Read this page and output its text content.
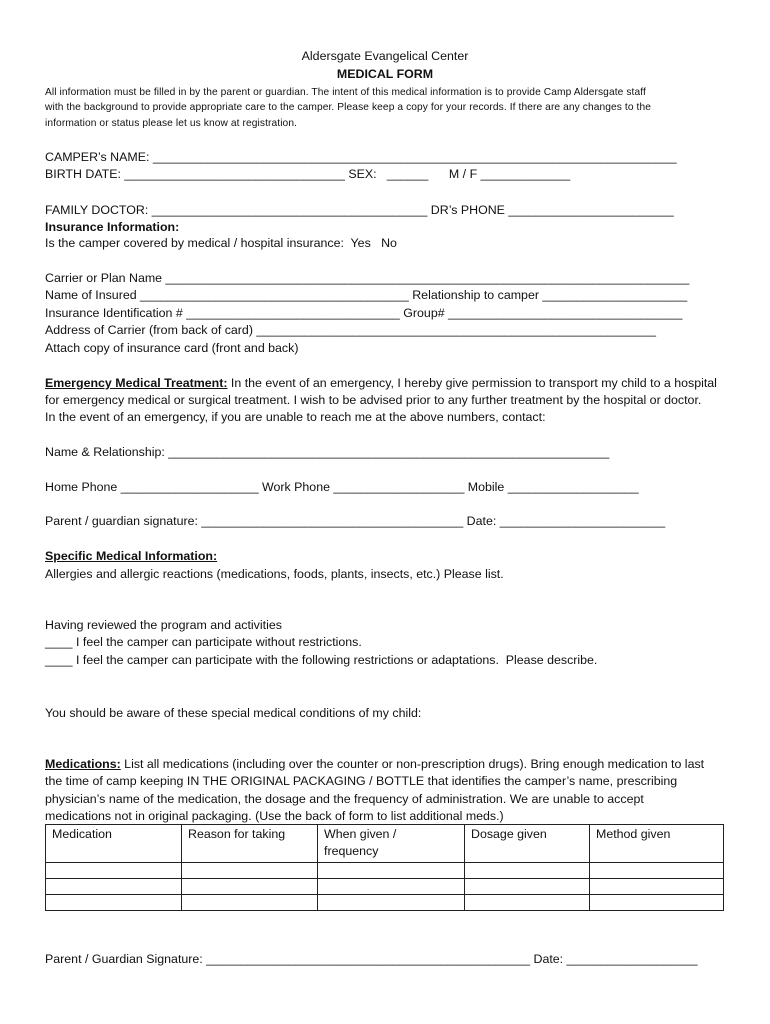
Aldersgate Evangelical Center
MEDICAL FORM
All information must be filled in by the parent or guardian. The intent of this medical information is to provide Camp Aldersgate staff
with the background to provide appropriate care to the camper. Please keep a copy for your records. If there are any changes to the
information or status please let us know at registration.
CAMPER’s NAME: ____________________________________________________________________________
BIRTH DATE: ________________________________ SEX:   ______      M / F _____________
FAMILY DOCTOR: ________________________________________ DR’s PHONE ________________________
Insurance Information:
Is the camper covered by medical / hospital insurance:  Yes   No
Carrier or Plan Name ____________________________________________________________________________
Name of Insured _______________________________________ Relationship to camper _____________________
Insurance Identification # _______________________________ Group# __________________________________
Address of Carrier (from back of card) __________________________________________________________
Attach copy of insurance card (front and back)
Emergency Medical Treatment: In the event of an emergency, I hereby give permission to transport my child to a hospital
for emergency medical or surgical treatment. I wish to be advised prior to any further treatment by the hospital or doctor.
In the event of an emergency, if you are unable to reach me at the above numbers, contact:
Name & Relationship: ________________________________________________________________
Home Phone ____________________ Work Phone ___________________ Mobile ___________________
Parent / guardian signature: ______________________________________ Date: ________________________
Specific Medical Information:
Allergies and allergic reactions (medications, foods, plants, insects, etc.) Please list.
Having reviewed the program and activities
____ I feel the camper can participate without restrictions.
____ I feel the camper can participate with the following restrictions or adaptations.  Please describe.
You should be aware of these special medical conditions of my child:
Medications: List all medications (including over the counter or non-prescription drugs). Bring enough medication to last
the time of camp keeping IN THE ORIGINAL PACKAGING / BOTTLE that identifies the camper’s name, prescribing
physician’s name of the medication, the dosage and the frequency of administration. We are unable to accept
medications not in original packaging. (Use the back of form to list additional meds.)
Medication	Reason for taking	When given /
frequency	Dosage given	Method given

Parent / Guardian Signature: _______________________________________________ Date: ___________________
